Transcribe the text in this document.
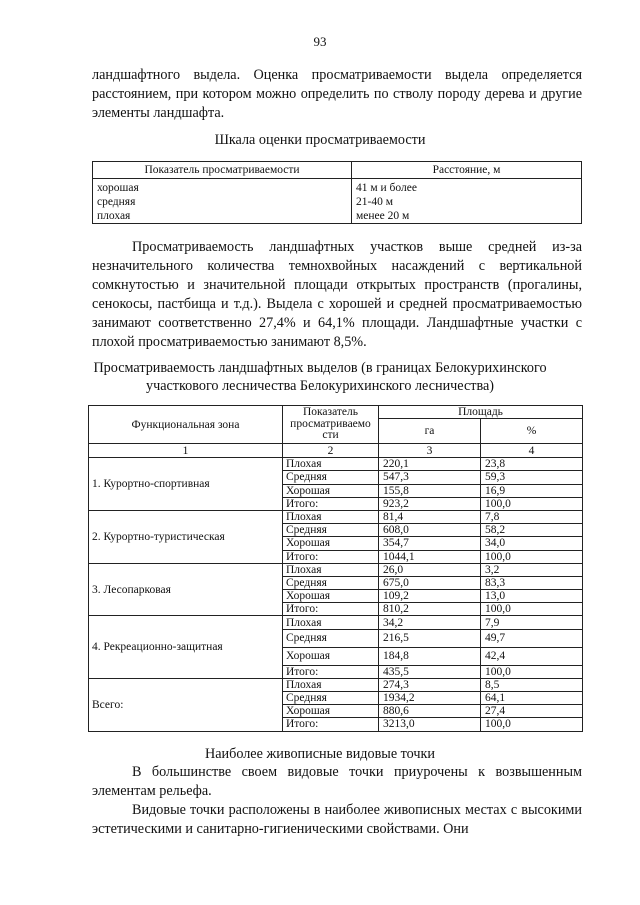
93

ландшафтного выдела. Оценка просматриваемости выдела определяется расстоянием, при котором можно определить по стволу породу дерева и другие элементы ландшафта.

Шкала оценки просматриваемости

Показатель просматриваемости	Расстояние, м
хорошая	41 м и более
средняя	21-40 м
плохая	менее 20 м

Просматриваемость ландшафтных участков выше средней из-за незначительного количества темнохвойных насаждений с вертикальной сомкнутостью и значительной площади открытых пространств (прогалины, сенокосы, пастбища и т.д.). Выдела с хорошей и средней просматриваемостью занимают соответственно 27,4% и 64,1% площади. Ландшафтные участки с плохой просматриваемостью занимают 8,5%.

Просматриваемость ландшафтных выделов (в границах Белокурихинского участкового лесничества Белокурихинского лесничества)

Функциональная зона	Показатель просматриваемо сти	Площадь	
		га	%
1	2	3	4
1. Курортно-спортивная	Плохая	220,1	23,8
	Средняя	547,3	59,3
	Хорошая	155,8	16,9
	Итого:	923,2	100,0
2. Курортно-туристическая	Плохая	81,4	7,8
	Средняя	608,0	58,2
	Хорошая	354,7	34,0
	Итого:	1044,1	100,0
3. Лесопарковая	Плохая	26,0	3,2
	Средняя	675,0	83,3
	Хорошая	109,2	13,0
	Итого:	810,2	100,0
4. Рекреационно-защитная	Плохая	34,2	7,9
	Средняя	216,5	49,7
	Хорошая	184,8	42,4
	Итого:	435,5	100,0
Всего:	Плохая	274,3	8,5
	Средняя	1934,2	64,1
	Хорошая	880,6	27,4
	Итого:	3213,0	100,0

Наиболее живописные видовые точки

В большинстве своем видовые точки приурочены к возвышенным элементам рельефа.

Видовые точки расположены в наиболее живописных местах с высокими эстетическими и санитарно-гигиеническими свойствами. Они
